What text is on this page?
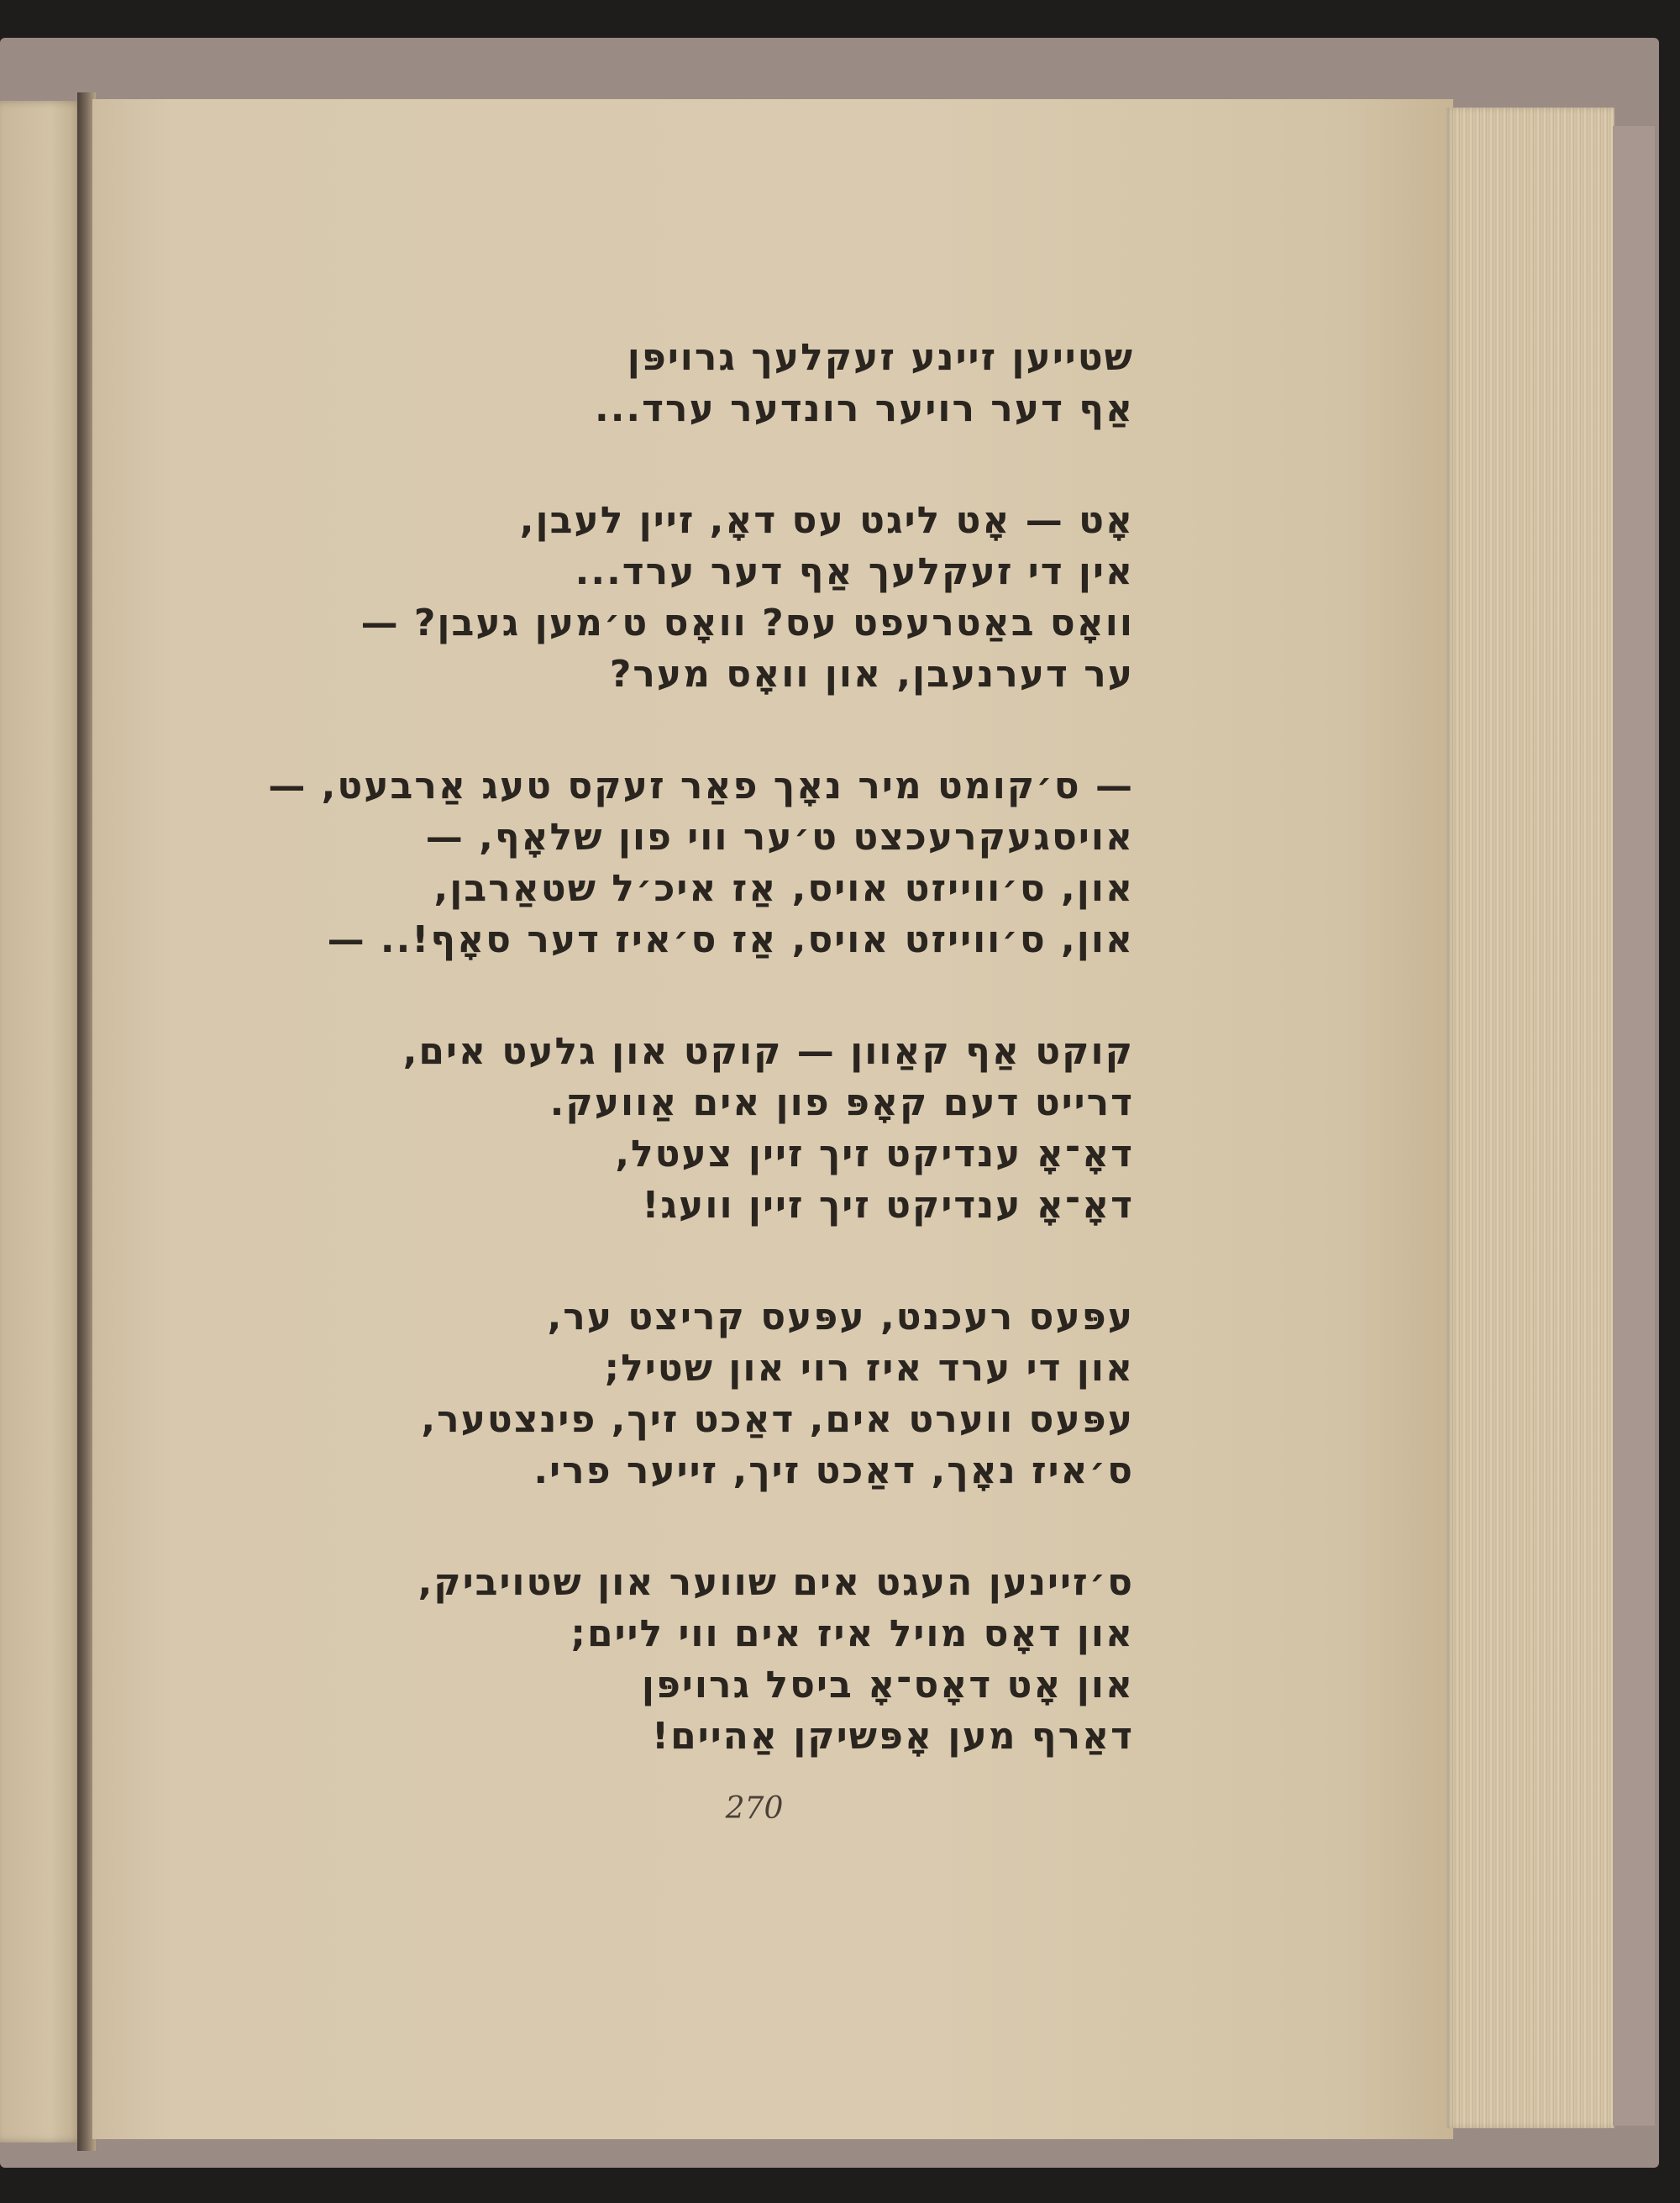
שטייען זיינע זעקלעך גרויפּן
אַף דער רויער רונדער ערד...
אָט — אָט ליגט עס דאָ, זיין לעבן,
אין די זעקלעך אַף דער ערד...
וואָס באַטרעפט עס? וואָס ט׳מען געבן? —
ער דערנעבן, און וואָס מער?
— ס׳קומט מיר נאָך פאַר זעקס טעג אַרבעט, —
אויסגעקרעכצט ט׳ער ווי פון שלאָף, —
און, ס׳ווייזט אויס, אַז איכ׳ל שטאַרבן,
און, ס׳ווייזט אויס, אַז ס׳איז דער סאָף!.. —
קוקט אַף קאַוון — קוקט און גלעט אים,
דרייט דעם קאָפּ פון אים אַוועק.
דאָ־אָ ענדיקט זיך זיין צעטל,
דאָ־אָ ענדיקט זיך זיין וועג!
עפּעס רעכנט, עפּעס קריצט ער,
און די ערד איז רוי און שטיל;
עפּעס ווערט אים, דאַכט זיך, פינצטער,
ס׳איז נאָך, דאַכט זיך, זייער פרי.
ס׳זיינען העגט אים שווער און שטויביק,
און דאָס מויל איז אים ווי ליים;
און אָט דאָס־אָ ביסל גרויפּן
דאַרף מען אָפּשיקן אַהיים!
270
